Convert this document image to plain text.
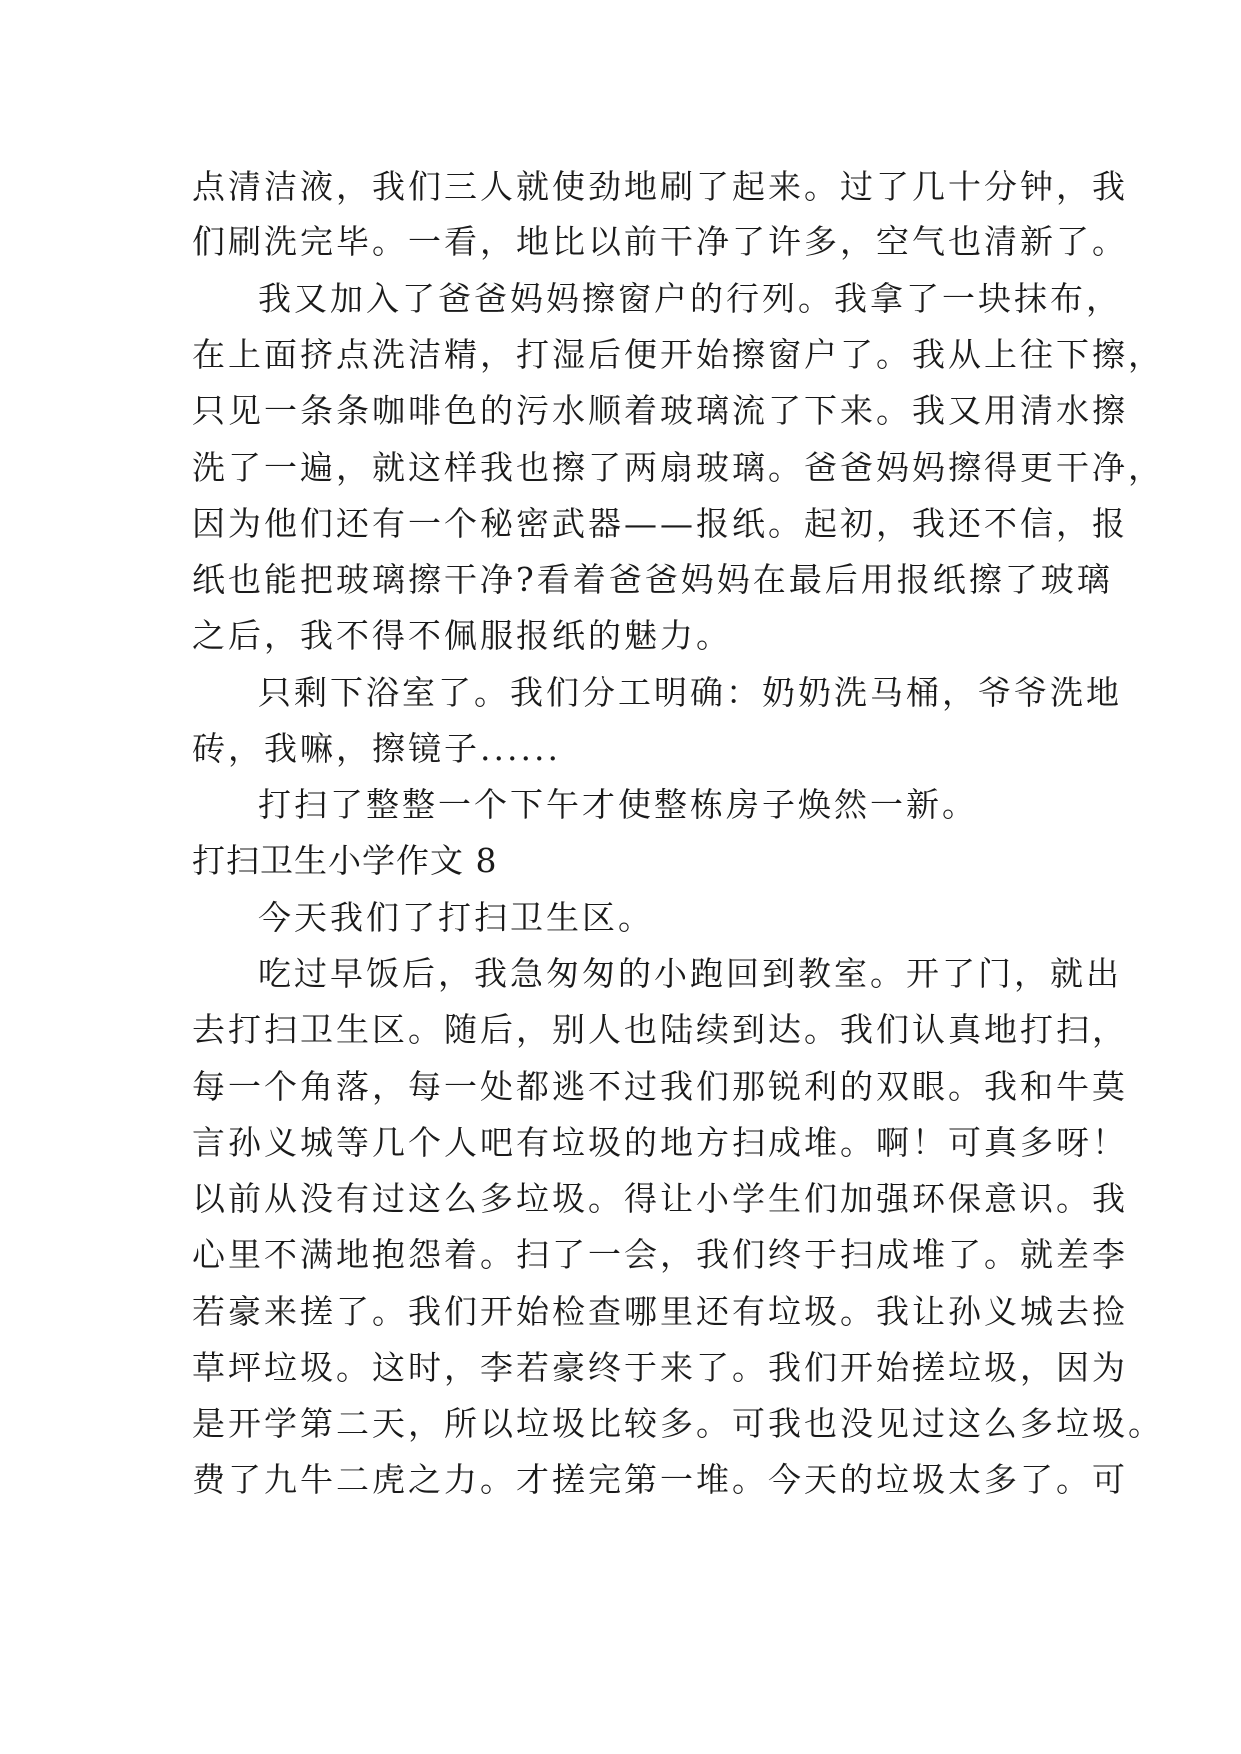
点清洁液，我们三人就使劲地刷了起来。过了几十分钟，我
们刷洗完毕。一看，地比以前干净了许多，空气也清新了。
我又加入了爸爸妈妈擦窗户的行列。我拿了一块抹布，
在上面挤点洗洁精，打湿后便开始擦窗户了。我从上往下擦，
只见一条条咖啡色的污水顺着玻璃流了下来。我又用清水擦
洗了一遍，就这样我也擦了两扇玻璃。爸爸妈妈擦得更干净，
因为他们还有一个秘密武器——报纸。起初，我还不信，报
纸也能把玻璃擦干净?看着爸爸妈妈在最后用报纸擦了玻璃
之后，我不得不佩服报纸的魅力。
只剩下浴室了。我们分工明确：奶奶洗马桶，爷爷洗地
砖，我嘛，擦镜子......
打扫了整整一个下午才使整栋房子焕然一新。
打扫卫生小学作文 8
今天我们了打扫卫生区。
吃过早饭后，我急匆匆的小跑回到教室。开了门，就出
去打扫卫生区。随后，别人也陆续到达。我们认真地打扫，
每一个角落，每一处都逃不过我们那锐利的双眼。我和牛莫
言孙义城等几个人吧有垃圾的地方扫成堆。啊！可真多呀！
以前从没有过这么多垃圾。得让小学生们加强环保意识。我
心里不满地抱怨着。扫了一会，我们终于扫成堆了。就差李
若豪来搓了。我们开始检查哪里还有垃圾。我让孙义城去捡
草坪垃圾。这时，李若豪终于来了。我们开始搓垃圾，因为
是开学第二天，所以垃圾比较多。可我也没见过这么多垃圾。
费了九牛二虎之力。才搓完第一堆。今天的垃圾太多了。可
